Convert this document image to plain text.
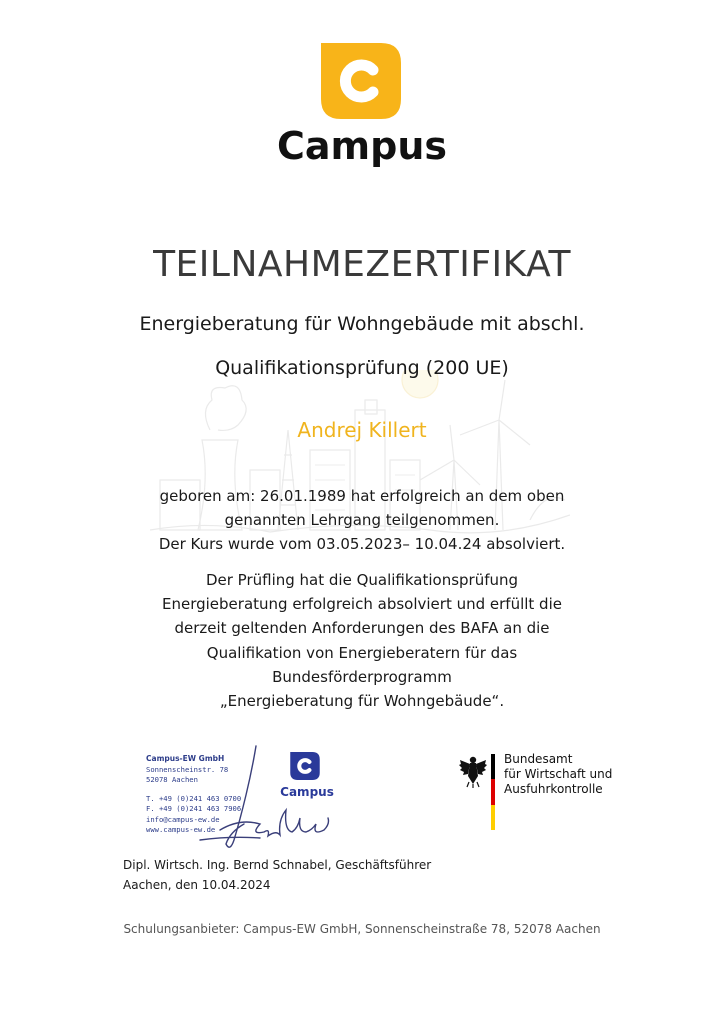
Campus
TEILNAHMEZERTIFIKAT
Energieberatung für Wohngebäude mit abschl.
Qualifikationsprüfung (200 UE)
Andrej Killert
geboren am: 26.01.1989 hat erfolgreich an dem oben
genannten Lehrgang teilgenommen.
Der Kurs wurde vom 03.05.2023– 10.04.24 absolviert.
Der Prüfling hat die Qualifikationsprüfung
Energieberatung erfolgreich absolviert und erfüllt die
derzeit geltenden Anforderungen des BAFA an die
Qualifikation von Energieberatern für das
Bundesförderprogramm
„Energieberatung für Wohngebäude“.
Campus-EW GmbH
Sonnenscheinstr. 78
52078 Aachen
T. +49 (0)241 463 0700
F. +49 (0)241 463 7906
info@campus-ew.de
www.campus-ew.de
Campus
Bundesamt
für Wirtschaft und
Ausfuhrkontrolle
Dipl. Wirtsch. Ing. Bernd Schnabel, Geschäftsführer
Aachen, den 10.04.2024
Schulungsanbieter: Campus-EW GmbH, Sonnenscheinstraße 78, 52078 Aachen
